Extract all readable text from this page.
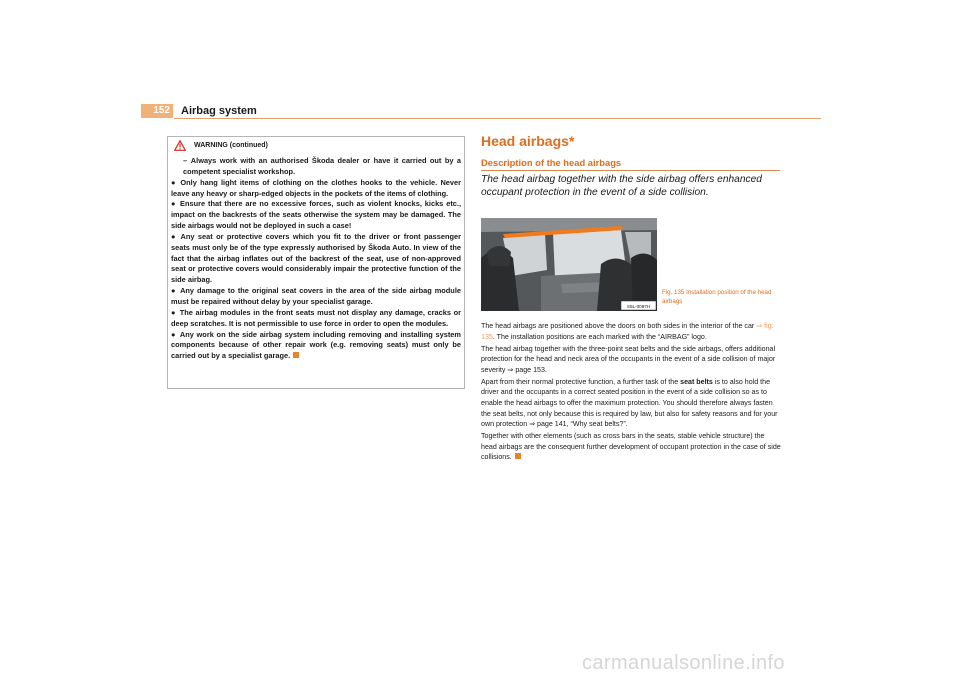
152 Airbag system
WARNING (continued)

– Always work with an authorised Škoda dealer or have it carried out by a competent specialist workshop.

● Only hang light items of clothing on the clothes hooks to the vehicle. Never leave any heavy or sharp-edged objects in the pockets of the items of clothing.

● Ensure that there are no excessive forces, such as violent knocks, kicks etc., impact on the backrests of the seats otherwise the system may be damaged. The side airbags would not be deployed in such a case!

● Any seat or protective covers which you fit to the driver or front passenger seats must only be of the type expressly authorised by Škoda Auto. In view of the fact that the airbag inflates out of the backrest of the seat, use of non-approved seat or protective covers would considerably impair the protective function of the side airbag.

● Any damage to the original seat covers in the area of the side airbag module must be repaired without delay by your specialist garage.

● The airbag modules in the front seats must not display any damage, cracks or deep scratches. It is not permissible to use force in order to open the modules.

● Any work on the side airbag system including removing and installing system components because of other repair work (e.g. removing seats) must only be carried out by a specialist garage.

Head airbags*
Description of the head airbags
The head airbag together with the side airbag offers enhanced occupant protection in the event of a side collision.
S5L-0097H
Fig. 135 Installation position of the head airbags

The head airbags are positioned above the doors on both sides in the interior of the car ⇒ fig. 135. The installation positions are each marked with the “AIRBAG” logo.

The head airbag together with the three-point seat belts and the side airbags, offers additional protection for the head and neck area of the occupants in the event of a side collision of major severity ⇒ page 153.

Apart from their normal protective function, a further task of the seat belts is to also hold the driver and the occupants in a correct seated position in the event of a side collision so as to enable the head airbags to offer the maximum protection. You should therefore always fasten the seat belts, not only because this is required by law, but also for safety reasons and for your own protection ⇒ page 141, “Why seat belts?”.

Together with other elements (such as cross bars in the seats, stable vehicle structure) the head airbags are the consequent further development of occupant protection in the case of side collisions.

carmanualsonline.info
